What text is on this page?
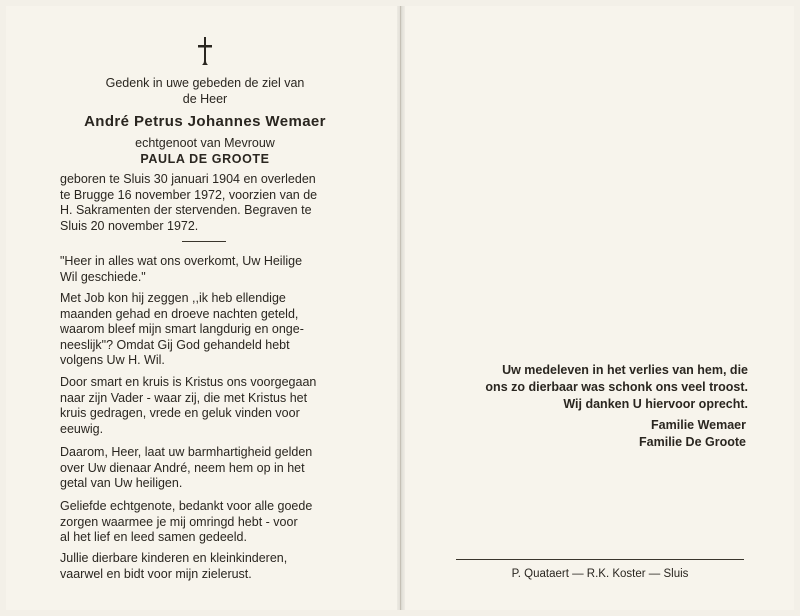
Gedenk in uwe gebeden de ziel van
de Heer
André Petrus Johannes Wemaer
echtgenoot van Mevrouw
PAULA DE GROOTE
geboren te Sluis 30 januari 1904 en overleden
te Brugge 16 november 1972, voorzien van de
H. Sakramenten der stervenden. Begraven te
Sluis 20 november 1972.
"Heer in alles wat ons overkomt, Uw Heilige
Wil geschiede."
Met Job kon hij zeggen ,,ik heb ellendige
maanden gehad en droeve nachten geteld,
waarom bleef mijn smart langdurig en onge-
neeslijk"? Omdat Gij God gehandeld hebt
volgens Uw H. Wil.
Door smart en kruis is Kristus ons voorgegaan
naar zijn Vader - waar zij, die met Kristus het
kruis gedragen, vrede en geluk vinden voor
eeuwig.
Daarom, Heer, laat uw barmhartigheid gelden
over Uw dienaar André, neem hem op in het
getal van Uw heiligen.
Geliefde echtgenote, bedankt voor alle goede
zorgen waarmee je mij omringd hebt - voor
al het lief en leed samen gedeeld.
Jullie dierbare kinderen en kleinkinderen,
vaarwel en bidt voor mijn zielerust.
Uw medeleven in het verlies van hem, die
ons zo dierbaar was schonk ons veel troost.
Wij danken U hiervoor oprecht.
Familie Wemaer
Familie De Groote
P. Quataert — R.K. Koster — Sluis
